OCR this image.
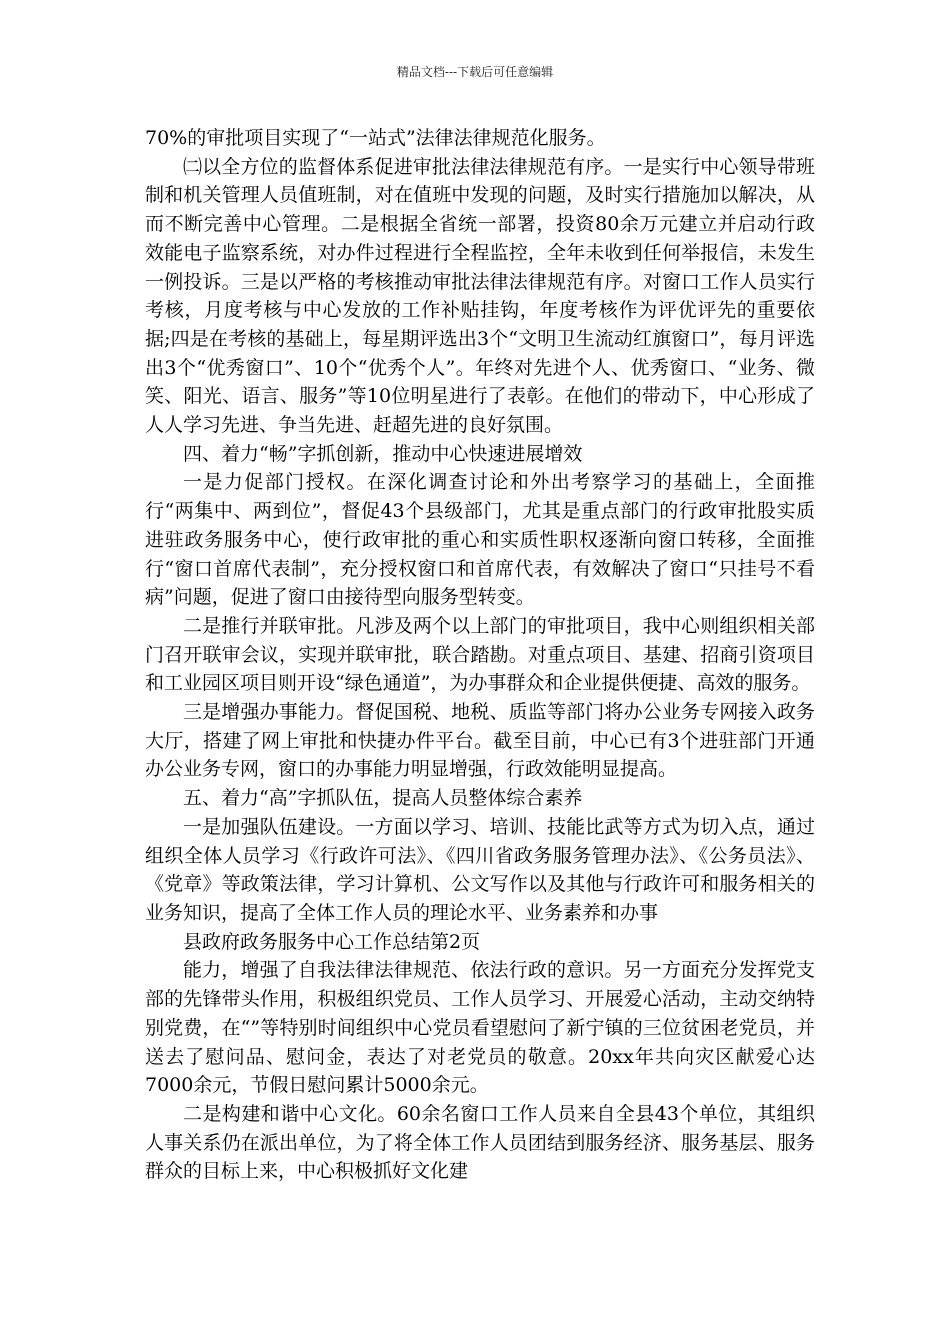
精品文档---下载后可任意编辑

70%的审批项目实现了“一站式”法律法律规范化服务。

㈡以全方位的监督体系促进审批法律法律规范有序。一是实行中心领导带班制和机关管理人员值班制，对在值班中发现的问题，及时实行措施加以解决，从而不断完善中心管理。二是根据全省统一部署，投资80余万元建立并启动行政效能电子监察系统，对办件过程进行全程监控，全年未收到任何举报信，未发生一例投诉。三是以严格的考核推动审批法律法律规范有序。对窗口工作人员实行考核，月度考核与中心发放的工作补贴挂钩，年度考核作为评优评先的重要依据;四是在考核的基础上，每星期评选出3个“文明卫生流动红旗窗口”，每月评选出3个“优秀窗口”、10个“优秀个人”。年终对先进个人、优秀窗口、“业务、微笑、阳光、语言、服务”等10位明星进行了表彰。在他们的带动下，中心形成了人人学习先进、争当先进、赶超先进的良好氛围。

四、着力“畅”字抓创新，推动中心快速进展增效

一是力促部门授权。在深化调查讨论和外出考察学习的基础上，全面推行“两集中、两到位”，督促43个县级部门，尤其是重点部门的行政审批股实质进驻政务服务中心，使行政审批的重心和实质性职权逐渐向窗口转移，全面推行“窗口首席代表制”，充分授权窗口和首席代表，有效解决了窗口“只挂号不看病”问题，促进了窗口由接待型向服务型转变。

二是推行并联审批。凡涉及两个以上部门的审批项目，我中心则组织相关部门召开联审会议，实现并联审批，联合踏勘。对重点项目、基建、招商引资项目和工业园区项目则开设“绿色通道”，为办事群众和企业提供便捷、高效的服务。

三是增强办事能力。督促国税、地税、质监等部门将办公业务专网接入政务大厅，搭建了网上审批和快捷办件平台。截至目前，中心已有3个进驻部门开通办公业务专网，窗口的办事能力明显增强，行政效能明显提高。

五、着力“高”字抓队伍，提高人员整体综合素养

一是加强队伍建设。一方面以学习、培训、技能比武等方式为切入点，通过组织全体人员学习《行政许可法》、《四川省政务服务管理办法》、《公务员法》、《党章》等政策法律，学习计算机、公文写作以及其他与行政许可和服务相关的业务知识，提高了全体工作人员的理论水平、业务素养和办事

县政府政务服务中心工作总结第2页

能力，增强了自我法律法律规范、依法行政的意识。另一方面充分发挥党支部的先锋带头作用，积极组织党员、工作人员学习、开展爱心活动，主动交纳特别党费，在“”等特别时间组织中心党员看望慰问了新宁镇的三位贫困老党员，并送去了慰问品、慰问金，表达了对老党员的敬意。20xx年共向灾区献爱心达7000余元，节假日慰问累计5000余元。

二是构建和谐中心文化。60余名窗口工作人员来自全县43个单位，其组织人事关系仍在派出单位，为了将全体工作人员团结到服务经济、服务基层、服务群众的目标上来，中心积极抓好文化建
